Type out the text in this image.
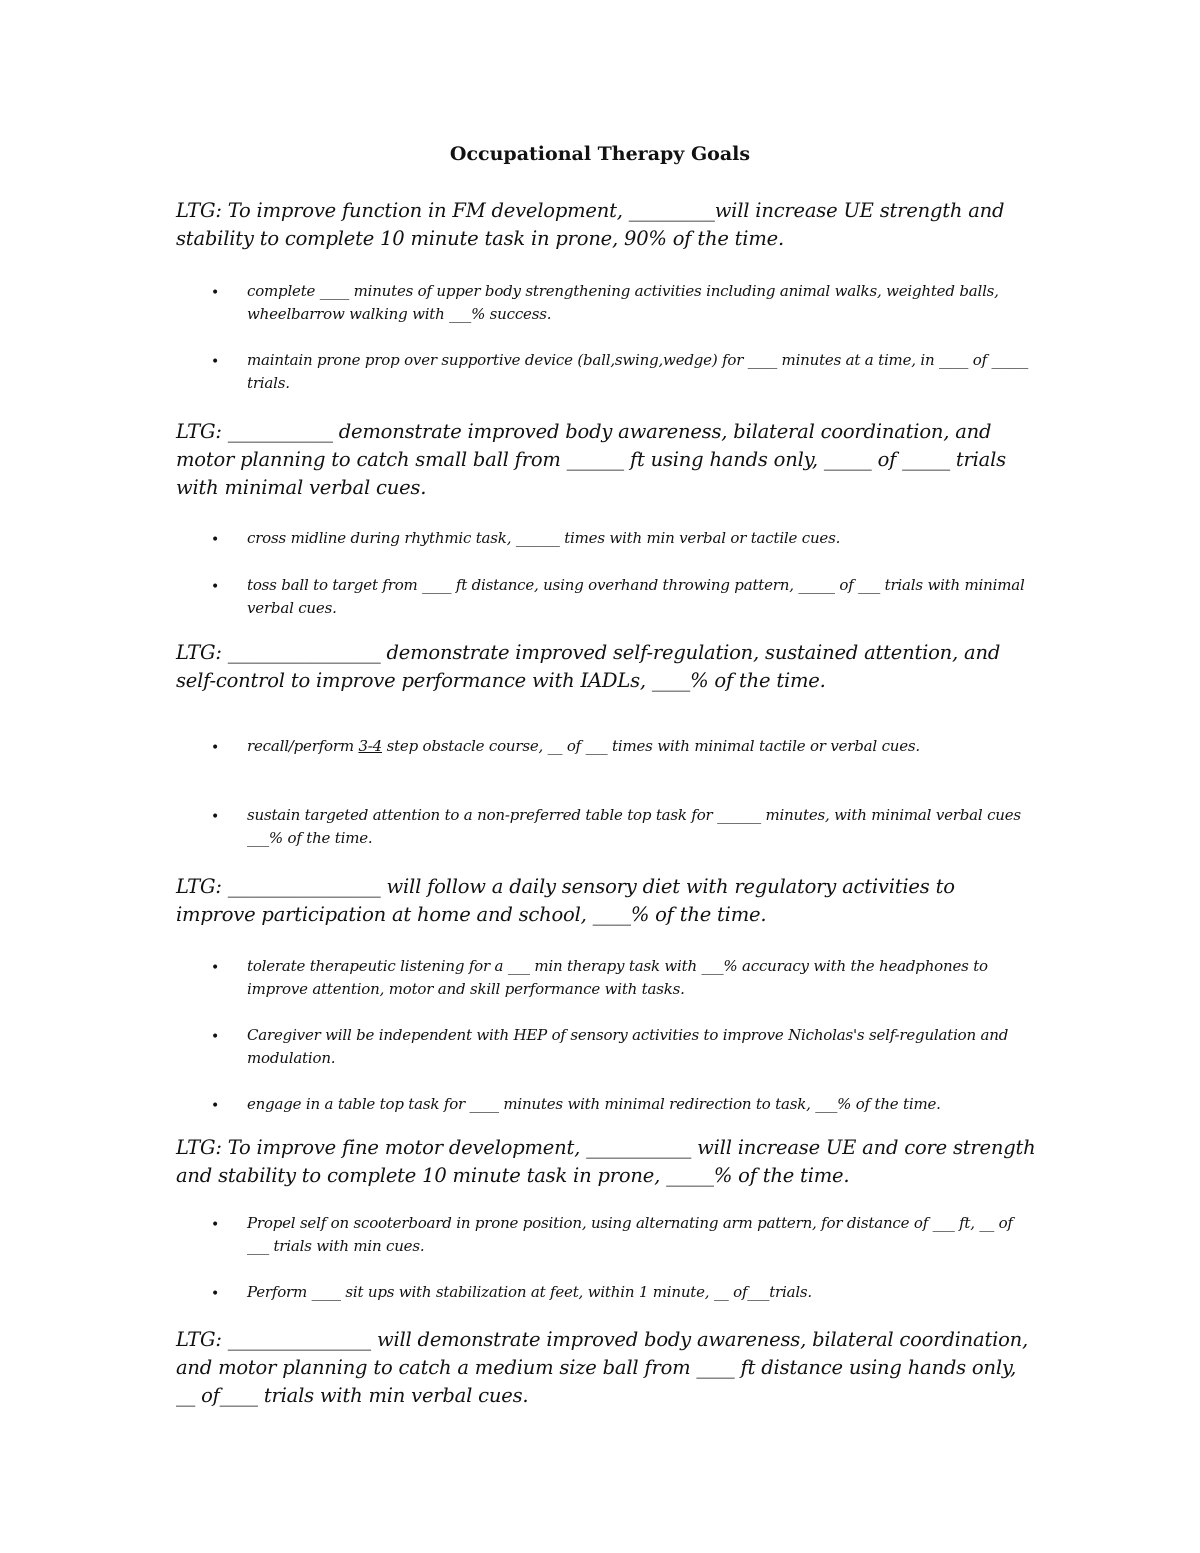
Occupational Therapy Goals
LTG: To improve function in FM development, _________will increase UE strength and stability to complete 10 minute task in prone, 90% of the time.
• complete ____ minutes of upper body strengthening activities including animal walks, weighted balls, wheelbarrow walking with ___% success.
• maintain prone prop over supportive device (ball,swing,wedge) for ____ minutes at a time, in ____ of _____ trials.
LTG: ___________ demonstrate improved body awareness, bilateral coordination, and motor planning to catch small ball from ______ ft using hands only, _____ of _____ trials with minimal verbal cues.
• cross midline during rhythmic task, ______ times with min verbal or tactile cues.
• toss ball to target from ____ ft distance, using overhand throwing pattern, _____ of ___ trials with minimal verbal cues.
LTG: ________________ demonstrate improved self-regulation, sustained attention, and self-control to improve performance with IADLs, ____% of the time.
• recall/perform 3-4 step obstacle course, __ of ___ times with minimal tactile or verbal cues.
• sustain targeted attention to a non-preferred table top task for ______ minutes, with minimal verbal cues ___% of the time.
LTG: ________________ will follow a daily sensory diet with regulatory activities to improve participation at home and school, ____% of the time.
• tolerate therapeutic listening for a ___ min therapy task with ___% accuracy with the headphones to improve attention, motor and skill performance with tasks.
• Caregiver will be independent with HEP of sensory activities to improve Nicholas's self-regulation and modulation.
• engage in a table top task for ____ minutes with minimal redirection to task, ___% of the time.
LTG: To improve fine motor development, ___________ will increase UE and core strength and stability to complete 10 minute task in prone, _____% of the time.
• Propel self on scooterboard in prone position, using alternating arm pattern, for distance of ___ ft, __ of ___ trials with min cues.
• Perform ____ sit ups with stabilization at feet, within 1 minute, __ of___trials.
LTG: _______________ will demonstrate improved body awareness, bilateral coordination, and motor planning to catch a medium size ball from ____ ft distance using hands only, __ of____ trials with min verbal cues.
